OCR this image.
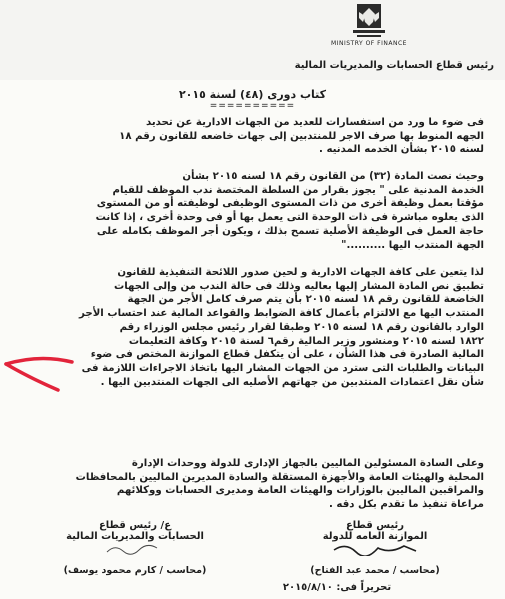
MINISTRY OF FINANCE
رئيس قطاع الحسابات والمديريات المالية
كتاب دورى (٤٨) لسنة ٢٠١٥
==========
فى ضوء ما ورد من استفسارات للعديد من الجهات الادارية عن تحديد
الجهه المنوط بها صرف الاجر للمنتدبين إلى جهات خاضعه للقانون رقم ١٨
لسنه ٢٠١٥ بشأن الخدمه المدنيه .
وحيث نصت المادة (٣٢) من القانون رقم ١٨ لسنه ٢٠١٥ بشأن
الخدمة المدنية على " يجوز بقرار من السلطة المختصة ندب الموظف للقيام
مؤقتا بعمل وظيفة أخرى من ذات المستوى الوظيفى لوظيفته أو من المستوى
الذى يعلوه مباشرة فى ذات الوحدة التى يعمل بها أو فى وحدة أخرى ، إذا كانت
حاجة العمل فى الوظيفة الأصلية تسمح بذلك ، ويكون أجر الموظف بكامله على
الجهة المنتدب اليها .........."
لذا يتعين على كافة الجهات الادارية و لحين صدور اللائحة التنفيذية للقانون
تطبيق نص المادة المشار إليها بعاليه وذلك فى حالة الندب من وإلى الجهات
الخاضعة للقانون رقم ١٨ لسنه ٢٠١٥ بأن يتم صرف كامل الأجر من الجهة
المنتدب اليها مع الالتزام بأعمال كافة الضوابط والقواعد المالية عند احتساب الأجر
الوارد بالقانون رقم ١٨ لسنه ٢٠١٥ وطبقا لقرار رئيس مجلس الوزراء رقم
١٨٢٢ لسنه ٢٠١٥ ومنشور وزير المالية رقم٦ لسنة ٢٠١٥ وكافة التعليمات
المالية الصادرة فى هذا الشأن ، على أن يتكفل قطاع الموازنة المختص فى ضوء
البيانات والطلبات التى سترد من الجهات المشار اليها باتخاذ الاجراءات اللازمة فى
شأن نقل اعتمادات المنتدبين من جهاتهم الأصليه الى الجهات المنتدبين اليها .
وعلى السادة المسئولين الماليين بالجهاز الإدارى للدولة ووحدات الإدارة
المحلية والهيئات العامة والأجهزة المستقلة والسادة المديرين الماليين بالمحافظات
والمراقبين الماليين بالوزارات والهيئات العامة ومديرى الحسابات ووكلائهم
مراعاة تنفيذ ما تقدم بكل دقه .
ع/ رئيس قطاع
الحسابات والمديريات المالية
(محاسب / كارم محمود يوسف)
رئيس قطاع
الموازنة العامه للدولة
(محاسب / محمد عبد الفتاح)
تحريراً فى: ٢٠١٥/٨/١٠
